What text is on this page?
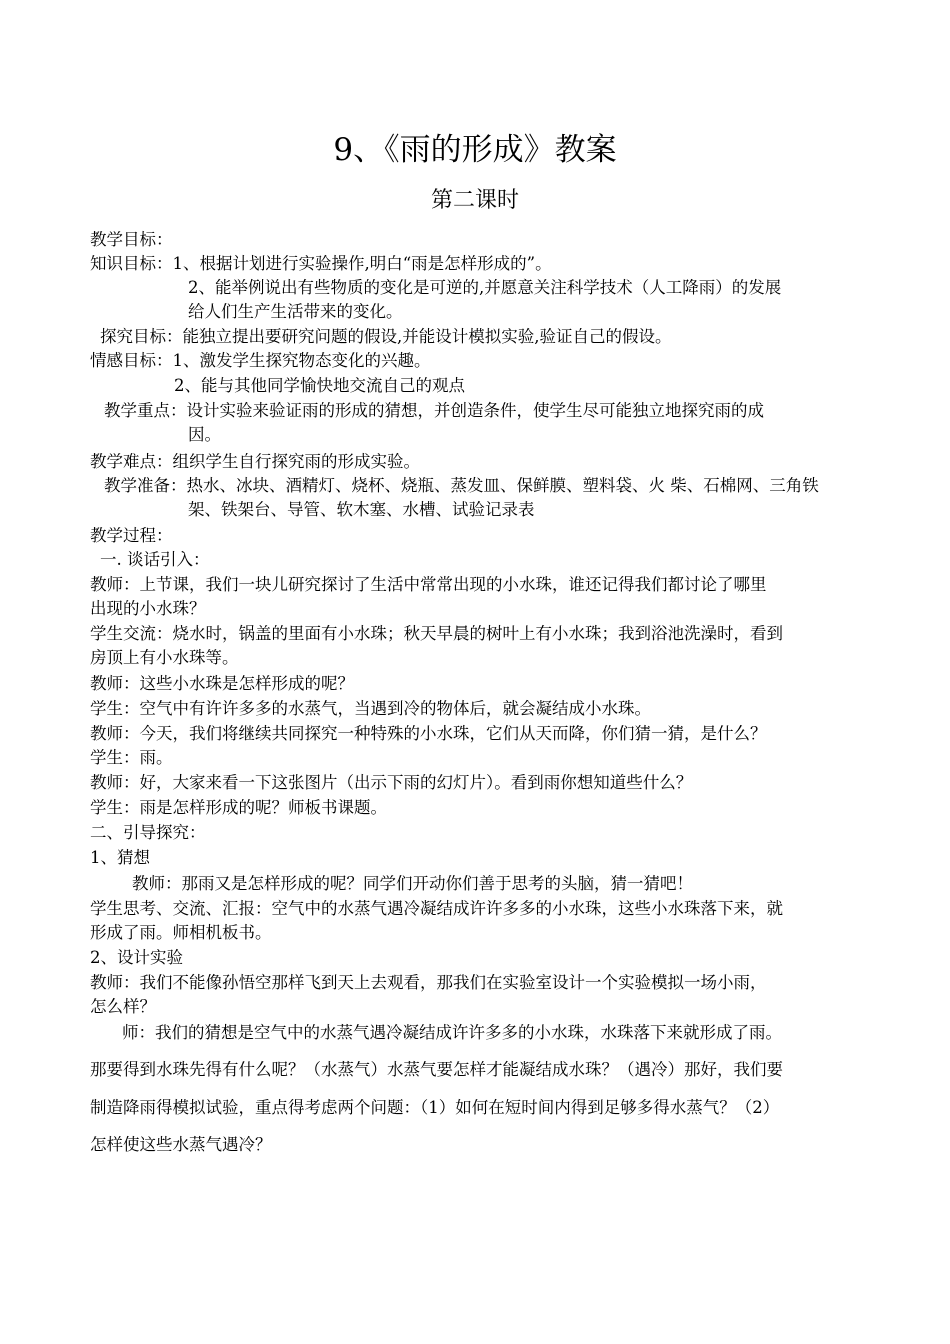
9、《雨的形成》教案
第二课时
教学目标：
知识目标：1、根据计划进行实验操作,明白“雨是怎样形成的”。
2、能举例说出有些物质的变化是可逆的,并愿意关注科学技术（人工降雨）的发展
给人们生产生活带来的变化。
探究目标：能独立提出要研究问题的假设,并能设计模拟实验,验证自己的假设。
情感目标：1、激发学生探究物态变化的兴趣。
2、能与其他同学愉快地交流自己的观点
教学重点：设计实验来验证雨的形成的猜想，并创造条件，使学生尽可能独立地探究雨的成
因。
教学难点：组织学生自行探究雨的形成实验。
教学准备：热水、冰块、酒精灯、烧杯、烧瓶、蒸发皿、保鲜膜、塑料袋、火 柴、石棉网、三角铁
架、铁架台、导管、软木塞、水槽、试验记录表
教学过程：
一. 谈话引入：
教师：上节课，我们一块儿研究探讨了生活中常常出现的小水珠，谁还记得我们都讨论了哪里
出现的小水珠？
学生交流：烧水时，锅盖的里面有小水珠；秋天早晨的树叶上有小水珠；我到浴池洗澡时，看到
房顶上有小水珠等。
教师：这些小水珠是怎样形成的呢？
学生：空气中有许许多多的水蒸气，当遇到冷的物体后，就会凝结成小水珠。
教师：今天，我们将继续共同探究一种特殊的小水珠，它们从天而降，你们猜一猜，是什么？
学生：雨。
教师：好，大家来看一下这张图片（出示下雨的幻灯片）。看到雨你想知道些什么？
学生：雨是怎样形成的呢？师板书课题。
二、引导探究：
1、猜想
教师：那雨又是怎样形成的呢？同学们开动你们善于思考的头脑，猜一猜吧！
学生思考、交流、汇报：空气中的水蒸气遇冷凝结成许许多多的小水珠，这些小水珠落下来，就
形成了雨。师相机板书。
2、设计实验
教师：我们不能像孙悟空那样飞到天上去观看，那我们在实验室设计一个实验模拟一场小雨，
怎么样？
师：我们的猜想是空气中的水蒸气遇冷凝结成许许多多的小水珠，水珠落下来就形成了雨。
那要得到水珠先得有什么呢？（水蒸气）水蒸气要怎样才能凝结成水珠？（遇冷）那好，我们要
制造降雨得模拟试验，重点得考虑两个问题：（1）如何在短时间内得到足够多得水蒸气？（2）
怎样使这些水蒸气遇冷？
